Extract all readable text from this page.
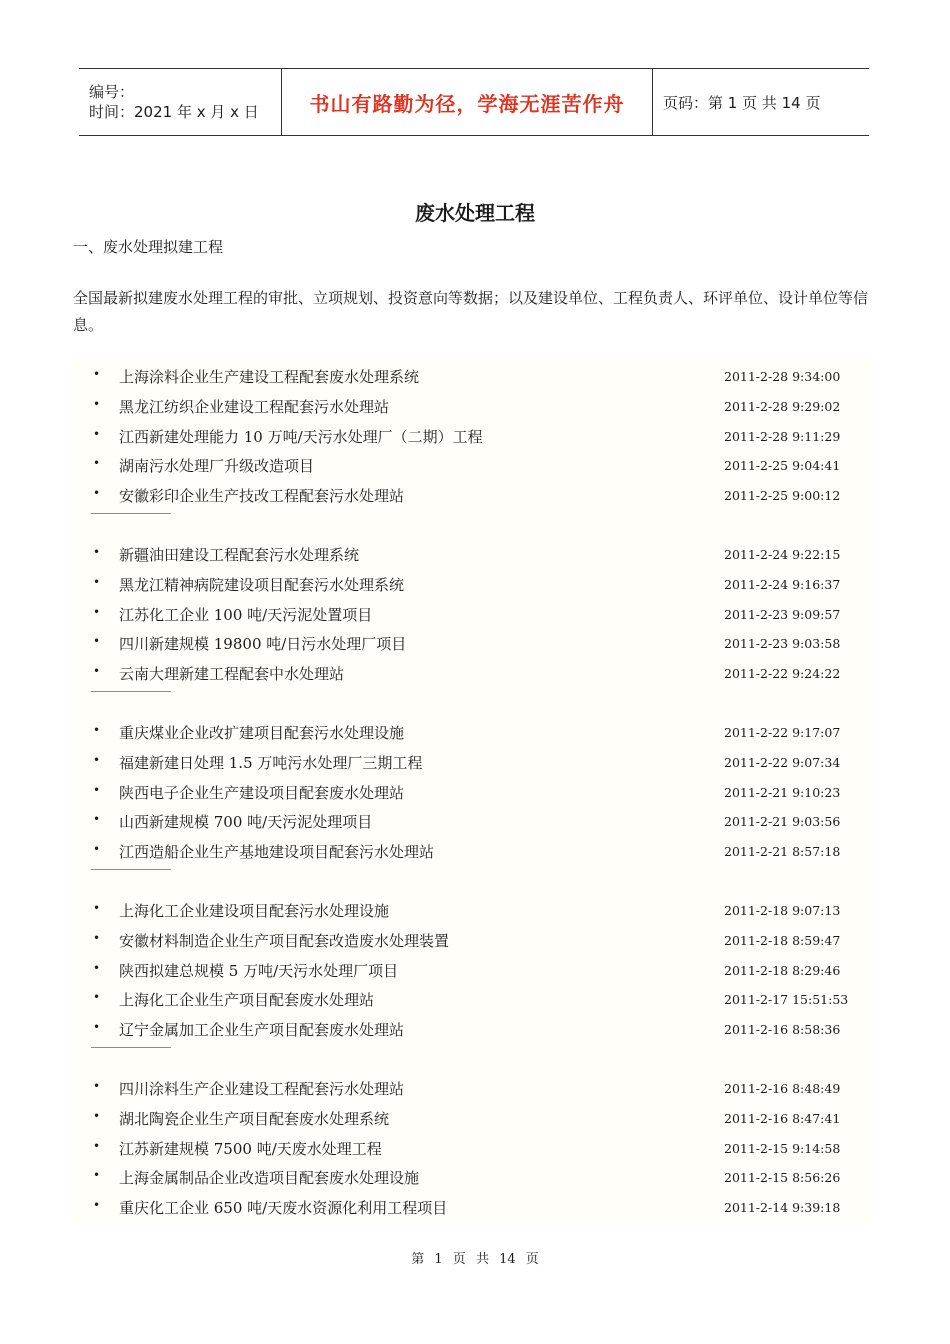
编号：
时间：2021 年 x 月 x 日	书山有路勤为径，学海无涯苦作舟	页码：第 1 页 共 14 页
废水处理工程
一、废水处理拟建工程
全国最新拟建废水处理工程的审批、立项规划、投资意向等数据；以及建设单位、工程负责人、环评单位、设计单位等信息。
• 上海涂料企业生产建设工程配套废水处理系统	2011-2-28 9:34:00
• 黑龙江纺织企业建设工程配套污水处理站	2011-2-28 9:29:02
• 江西新建处理能力 10 万吨/天污水处理厂（二期）工程	2011-2-28 9:11:29
• 湖南污水处理厂升级改造项目	2011-2-25 9:04:41
• 安徽彩印企业生产技改工程配套污水处理站	2011-2-25 9:00:12
• 新疆油田建设工程配套污水处理系统	2011-2-24 9:22:15
• 黑龙江精神病院建设项目配套污水处理系统	2011-2-24 9:16:37
• 江苏化工企业 100 吨/天污泥处置项目	2011-2-23 9:09:57
• 四川新建规模 19800 吨/日污水处理厂项目	2011-2-23 9:03:58
• 云南大理新建工程配套中水处理站	2011-2-22 9:24:22
• 重庆煤业企业改扩建项目配套污水处理设施	2011-2-22 9:17:07
• 福建新建日处理 1.5 万吨污水处理厂三期工程	2011-2-22 9:07:34
• 陕西电子企业生产建设项目配套废水处理站	2011-2-21 9:10:23
• 山西新建规模 700 吨/天污泥处理项目	2011-2-21 9:03:56
• 江西造船企业生产基地建设项目配套污水处理站	2011-2-21 8:57:18
• 上海化工企业建设项目配套污水处理设施	2011-2-18 9:07:13
• 安徽材料制造企业生产项目配套改造废水处理装置	2011-2-18 8:59:47
• 陕西拟建总规模 5 万吨/天污水处理厂项目	2011-2-18 8:29:46
• 上海化工企业生产项目配套废水处理站	2011-2-17 15:51:53
• 辽宁金属加工企业生产项目配套废水处理站	2011-2-16 8:58:36
• 四川涂料生产企业建设工程配套污水处理站	2011-2-16 8:48:49
• 湖北陶瓷企业生产项目配套废水处理系统	2011-2-16 8:47:41
• 江苏新建规模 7500 吨/天废水处理工程	2011-2-15 9:14:58
• 上海金属制品企业改造项目配套废水处理设施	2011-2-15 8:56:26
• 重庆化工企业 650 吨/天废水资源化利用工程项目	2011-2-14 9:39:18
第 1 页 共 14 页
